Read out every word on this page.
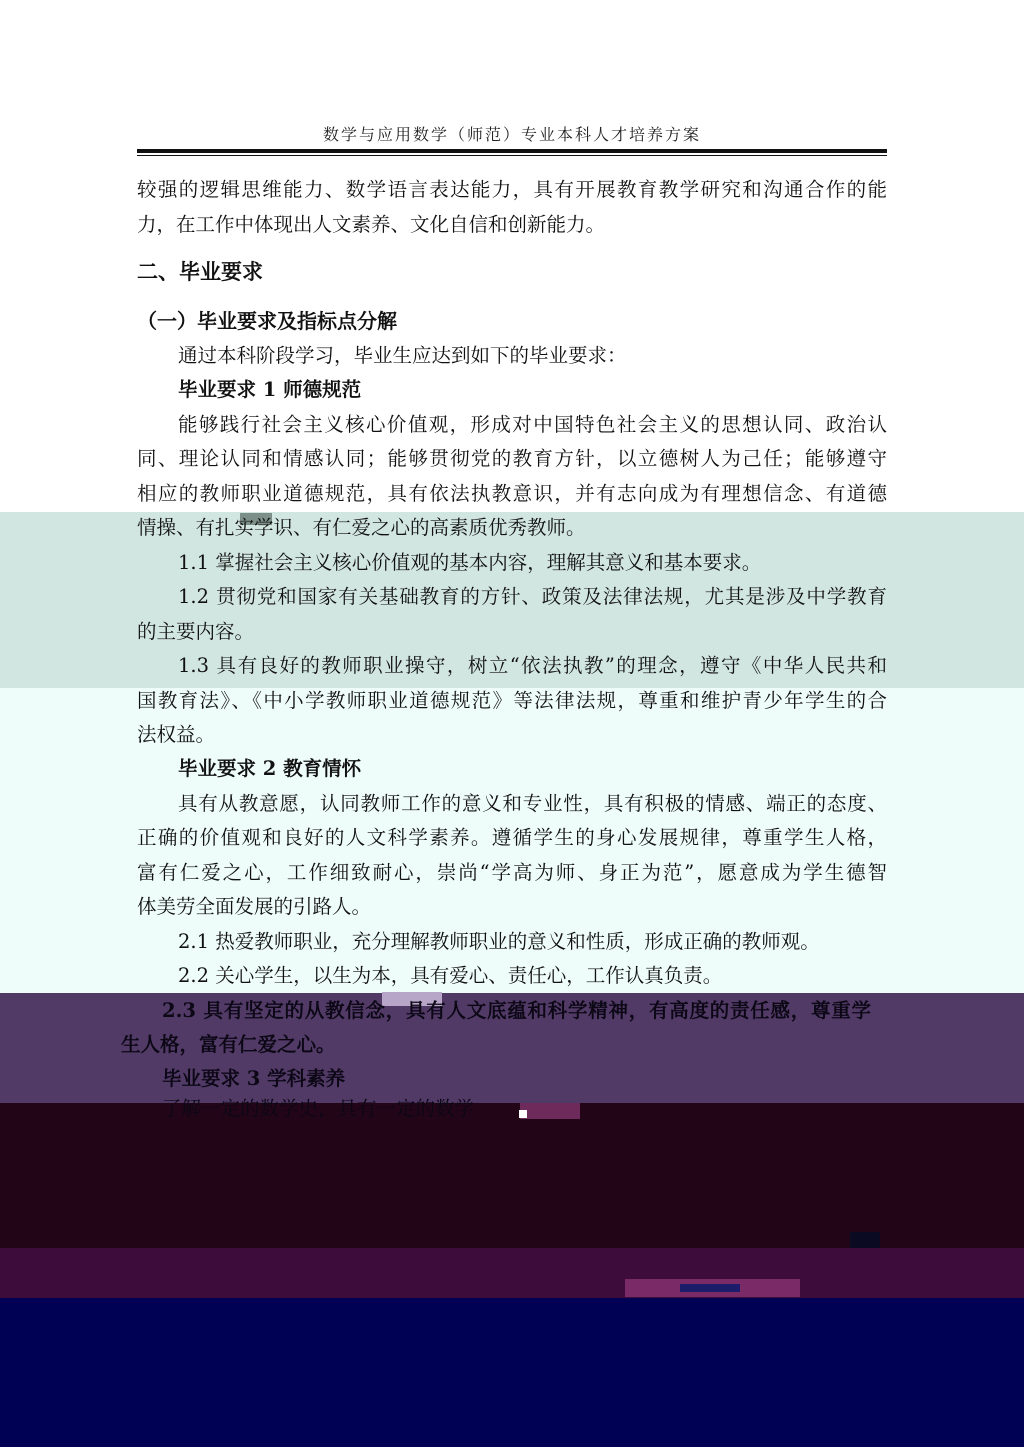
数学与应用数学（师范）专业本科人才培养方案
较强的逻辑思维能力、数学语言表达能力，具有开展教育教学研究和沟通合作的能
力，在工作中体现出人文素养、文化自信和创新能力。
二、毕业要求
（一）毕业要求及指标点分解
通过本科阶段学习，毕业生应达到如下的毕业要求：
毕业要求 1 师德规范
能够践行社会主义核心价值观，形成对中国特色社会主义的思想认同、政治认
同、理论认同和情感认同；能够贯彻党的教育方针，以立德树人为己任；能够遵守
相应的教师职业道德规范，具有依法执教意识，并有志向成为有理想信念、有道德
情操、有扎实学识、有仁爱之心的高素质优秀教师。
1.1 掌握社会主义核心价值观的基本内容，理解其意义和基本要求。
1.2 贯彻党和国家有关基础教育的方针、政策及法律法规，尤其是涉及中学教育
的主要内容。
1.3 具有良好的教师职业操守，树立“依法执教”的理念，遵守《中华人民共和
国教育法》、《中小学教师职业道德规范》等法律法规，尊重和维护青少年学生的合
法权益。
毕业要求 2 教育情怀
具有从教意愿，认同教师工作的意义和专业性，具有积极的情感、端正的态度、
正确的价值观和良好的人文科学素养。遵循学生的身心发展规律，尊重学生人格，
富有仁爱之心，工作细致耐心，崇尚“学高为师、身正为范”，愿意成为学生德智
体美劳全面发展的引路人。
2.1 热爱教师职业，充分理解教师职业的意义和性质，形成正确的教师观。
2.2 关心学生，以生为本，具有爱心、责任心，工作认真负责。
2.3 具有坚定的从教信念，具有人文底蕴和科学精神，有高度的责任感，尊重学
生人格，富有仁爱之心。
毕业要求 3 学科素养
